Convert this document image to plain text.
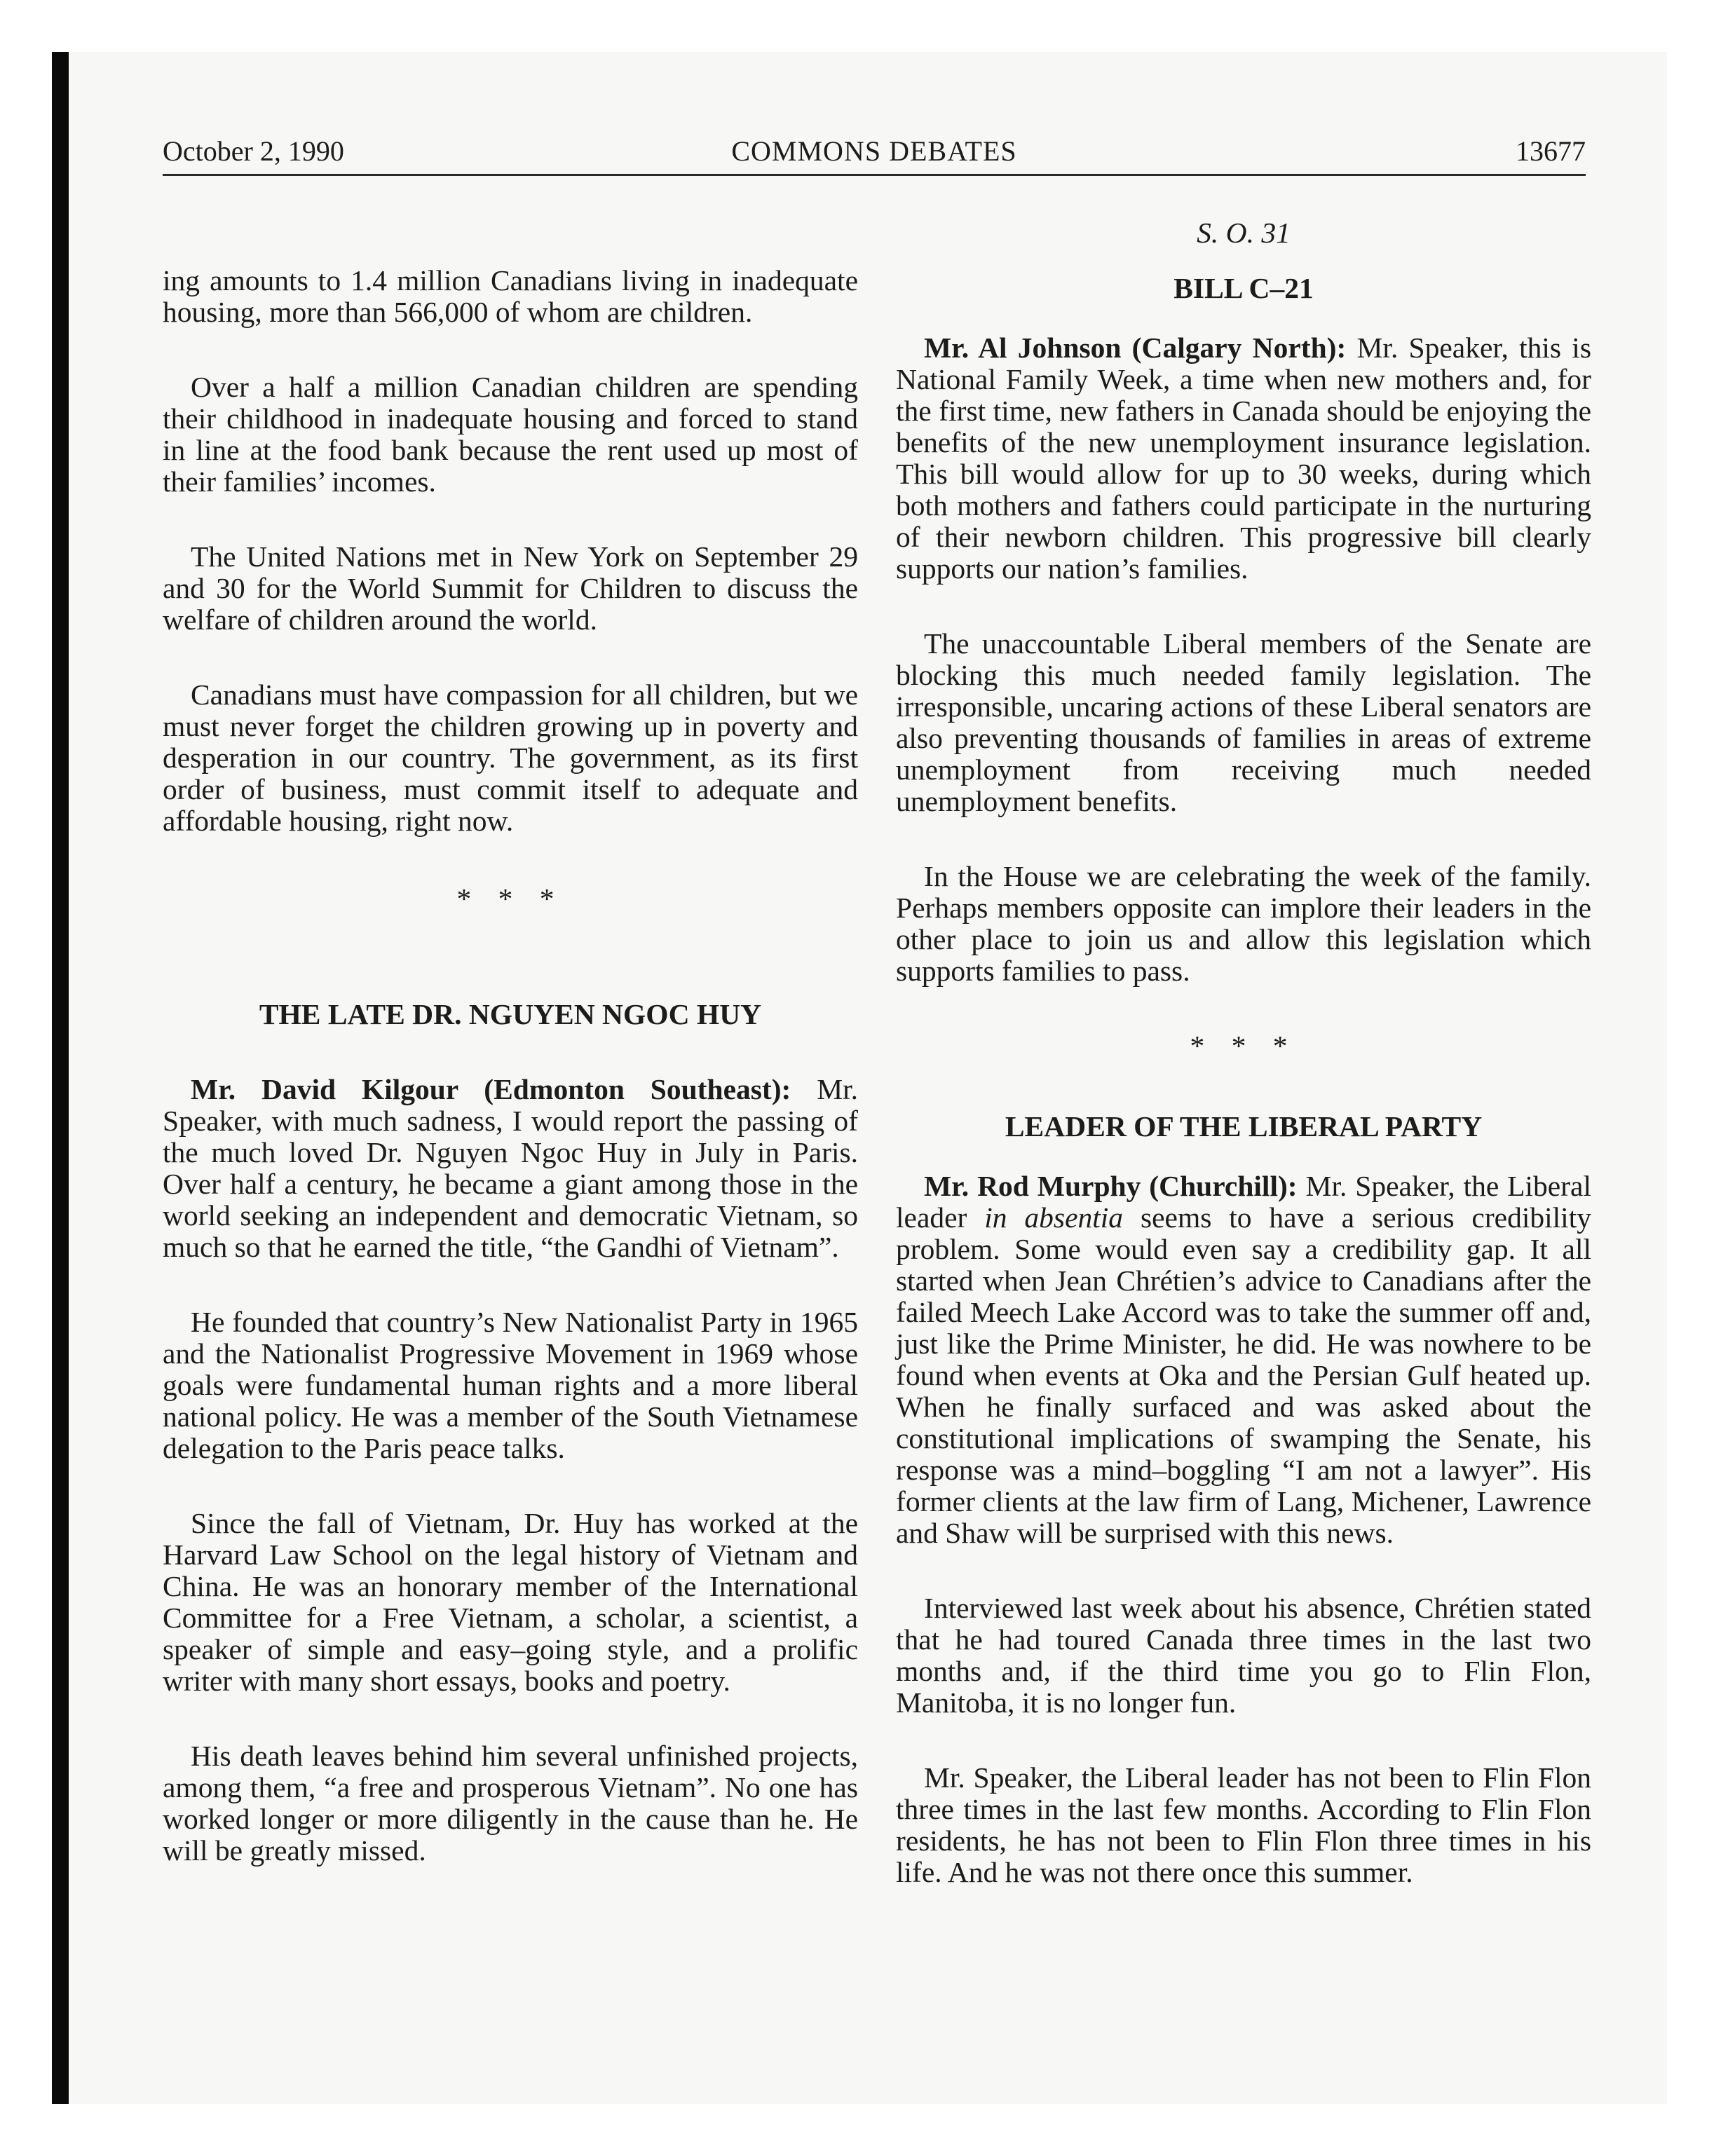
October 2, 1990	COMMONS DEBATES	13677

ing amounts to 1.4 million Canadians living in inadequate housing, more than 566,000 of whom are children.

Over a half a million Canadian children are spending their childhood in inadequate housing and forced to stand in line at the food bank because the rent used up most of their families’ incomes.

The United Nations met in New York on September 29 and 30 for the World Summit for Children to discuss the welfare of children around the world.

Canadians must have compassion for all children, but we must never forget the children growing up in poverty and desperation in our country. The government, as its first order of business, must commit itself to adequate and affordable housing, right now.

* * *
THE LATE DR. NGUYEN NGOC HUY

Mr. David Kilgour (Edmonton Southeast): Mr. Speaker, with much sadness, I would report the passing of the much loved Dr. Nguyen Ngoc Huy in July in Paris. Over half a century, he became a giant among those in the world seeking an independent and democratic Vietnam, so much so that he earned the title, “the Gandhi of Vietnam”.

He founded that country’s New Nationalist Party in 1965 and the Nationalist Progressive Movement in 1969 whose goals were fundamental human rights and a more liberal national policy. He was a member of the South Vietnamese delegation to the Paris peace talks.

Since the fall of Vietnam, Dr. Huy has worked at the Harvard Law School on the legal history of Vietnam and China. He was an honorary member of the International Committee for a Free Vietnam, a scholar, a scientist, a speaker of simple and easy–going style, and a prolific writer with many short essays, books and poetry.

His death leaves behind him several unfinished projects, among them, “a free and prosperous Vietnam”. No one has worked longer or more diligently in the cause than he. He will be greatly missed.

S. O. 31
BILL C–21

Mr. Al Johnson (Calgary North): Mr. Speaker, this is National Family Week, a time when new mothers and, for the first time, new fathers in Canada should be enjoying the benefits of the new unemployment insurance legislation. This bill would allow for up to 30 weeks, during which both mothers and fathers could participate in the nurturing of their newborn children. This progressive bill clearly supports our nation’s families.

The unaccountable Liberal members of the Senate are blocking this much needed family legislation. The irresponsible, uncaring actions of these Liberal senators are also preventing thousands of families in areas of extreme unemployment from receiving much needed unemployment benefits.

In the House we are celebrating the week of the family. Perhaps members opposite can implore their leaders in the other place to join us and allow this legislation which supports families to pass.

* * *
LEADER OF THE LIBERAL PARTY

Mr. Rod Murphy (Churchill): Mr. Speaker, the Liberal leader in absentia seems to have a serious credibility problem. Some would even say a credibility gap. It all started when Jean Chrétien’s advice to Canadians after the failed Meech Lake Accord was to take the summer off and, just like the Prime Minister, he did. He was nowhere to be found when events at Oka and the Persian Gulf heated up. When he finally surfaced and was asked about the constitutional implications of swamping the Senate, his response was a mind–boggling “I am not a lawyer”. His former clients at the law firm of Lang, Michener, Lawrence and Shaw will be surprised with this news.

Interviewed last week about his absence, Chrétien stated that he had toured Canada three times in the last two months and, if the third time you go to Flin Flon, Manitoba, it is no longer fun.

Mr. Speaker, the Liberal leader has not been to Flin Flon three times in the last few months. According to Flin Flon residents, he has not been to Flin Flon three times in his life. And he was not there once this summer.
